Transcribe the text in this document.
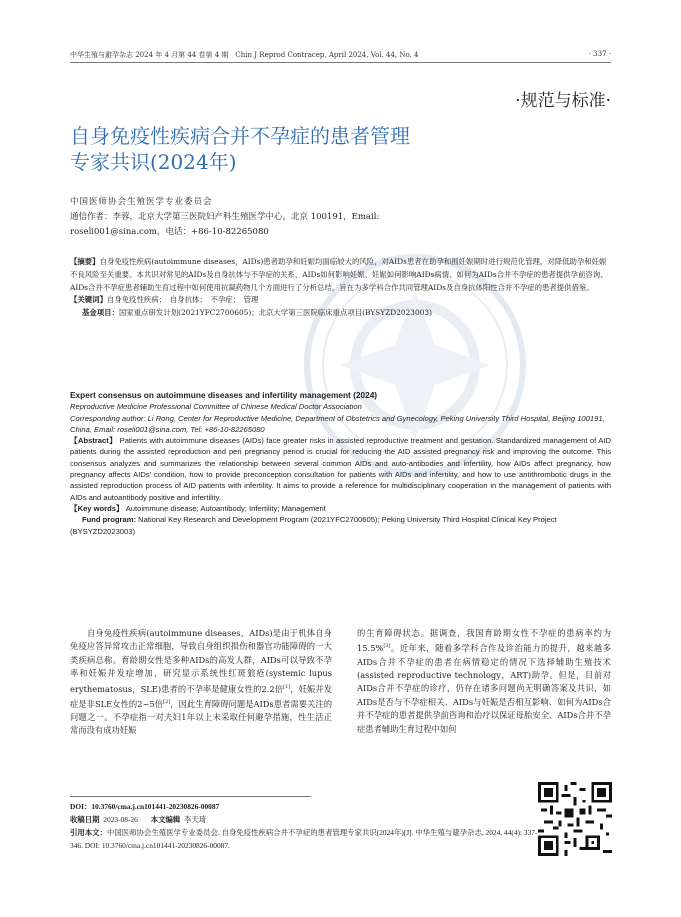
中华生殖与避孕杂志 2024 年 4 月第 44 卷第 4 期　Chin J Reprod Contracep, April 2024, Vol. 44, No. 4	· 337 ·
·规范与标准·
自身免疫性疾病合并不孕症的患者管理
专家共识(2024年)
中国医师协会生殖医学专业委员会
通信作者：李蓉，北京大学第三医院妇产科生殖医学中心，北京 100191，Email:
roseli001@sina.com，电话：+86-10-82265080
【摘要】自身免疫性疾病(autoimmune diseases，AIDs)患者助孕和妊娠均面临较大的风险，对AIDs患者在助孕和围妊娠期时进行规范化管理，对降低助孕和妊娠不良风险至关重要。本共识对常见的AIDs及自身抗体与不孕症的关系、AIDs如何影响妊娠、妊娠如何影响AIDs病情、如何为AIDs合并不孕症的患者提供孕前咨询、AIDs合并不孕症患者辅助生育过程中如何使用抗凝药物几个方面进行了分析总结，旨在为多学科合作共同管理AIDs及自身抗体阳性合并不孕症的患者提供借鉴。
【关键词】自身免疫性疾病；　自身抗体；　不孕症；　管理
基金项目：国家重点研发计划(2021YFC2700605)；北京大学第三医院临床重点项目(BYSYZD2023003)
Expert consensus on autoimmune diseases and infertility management (2024)
Reproductive Medicine Professional Committee of Chinese Medical Doctor Association
Corresponding author: Li Rong, Center for Reproductive Medicine, Department of Obstetrics and Gynecology, Peking University Third Hospital, Beijing 100191, China, Email: roseli001@sina.com, Tel: +86-10-82265080
【Abstract】 Patients with autoimmune diseases (AIDs) face greater risks in assisted reproductive treatment and gestation. Standardized management of AID patients during the assisted reproduction and peri pregnancy period is crucial for reducing the AID assisted pregnancy risk and improving the outcome. This consensus analyzes and summarizes the relationship between several common AIDs and auto-antibodies and infertility, how AIDs affect pregnancy, how pregnancy affects AIDs' condition, how to provide preconception consultation for patients with AIDs and infertility, and how to use antithrombotic drugs in the assisted reproduction process of AID patients with infertility. It aims to provide a reference for multidisciplinary cooperation in the management of patients with AIDs and autoantibody positive and infertility.
【Key words】 Autoimmune disease; Autoantibody; Infertility; Management
Fund program: National Key Research and Development Program (2021YFC2700605); Peking University Third Hospital Clinical Key Project (BYSYZD2023003)
自身免疫性疾病(autoimmune diseases，AIDs)是由于机体自身免疫应答异常攻击正常细胞，导致自身组织损伤和器官功能障碍的一大类疾病总称。育龄期女性是多种AIDs的高发人群，AIDs可以导致不孕率和妊娠并发症增加，研究显示系统性红斑狼疮(systemic lupus erythematosus，SLE)患者的不孕率是健康女性的2.2倍[1]，妊娠并发症是非SLE女性的2~5倍[2]，因此生育障碍问题是AIDs患者需要关注的问题之一。不孕症指一对夫妇1年以上未采取任何避孕措施，性生活正常而没有成功妊娠
的生育障碍状态。据调查，我国育龄期女性不孕症的患病率约为15.5%[3]。近年来，随着多学科合作及诊治能力的提升，越来越多AIDs合并不孕症的患者在病情稳定的情况下选择辅助生殖技术(assisted reproductive technology，ART)助孕。但是，目前对AIDs合并不孕症的诊疗，仍存在诸多问题尚无明确答案及共识，如AIDs是否与不孕症相关、AIDs与妊娠是否相互影响、如何为AIDs合并不孕症的患者提供孕前咨询和治疗以保证母胎安全、AIDs合并不孕症患者辅助生育过程中如何
DOI：10.3760/cma.j.cn101441-20230826-00087
收稿日期 2023-08-26 本文编辑 李天琦
引用本文：中国医师协会生殖医学专业委员会. 自身免疫性疾病合并不孕症的患者管理专家共识(2024年)[J]. 中华生殖与避孕杂志, 2024, 44(4): 337-346. DOI: 10.3760/cma.j.cn101441-20230826-00087.
